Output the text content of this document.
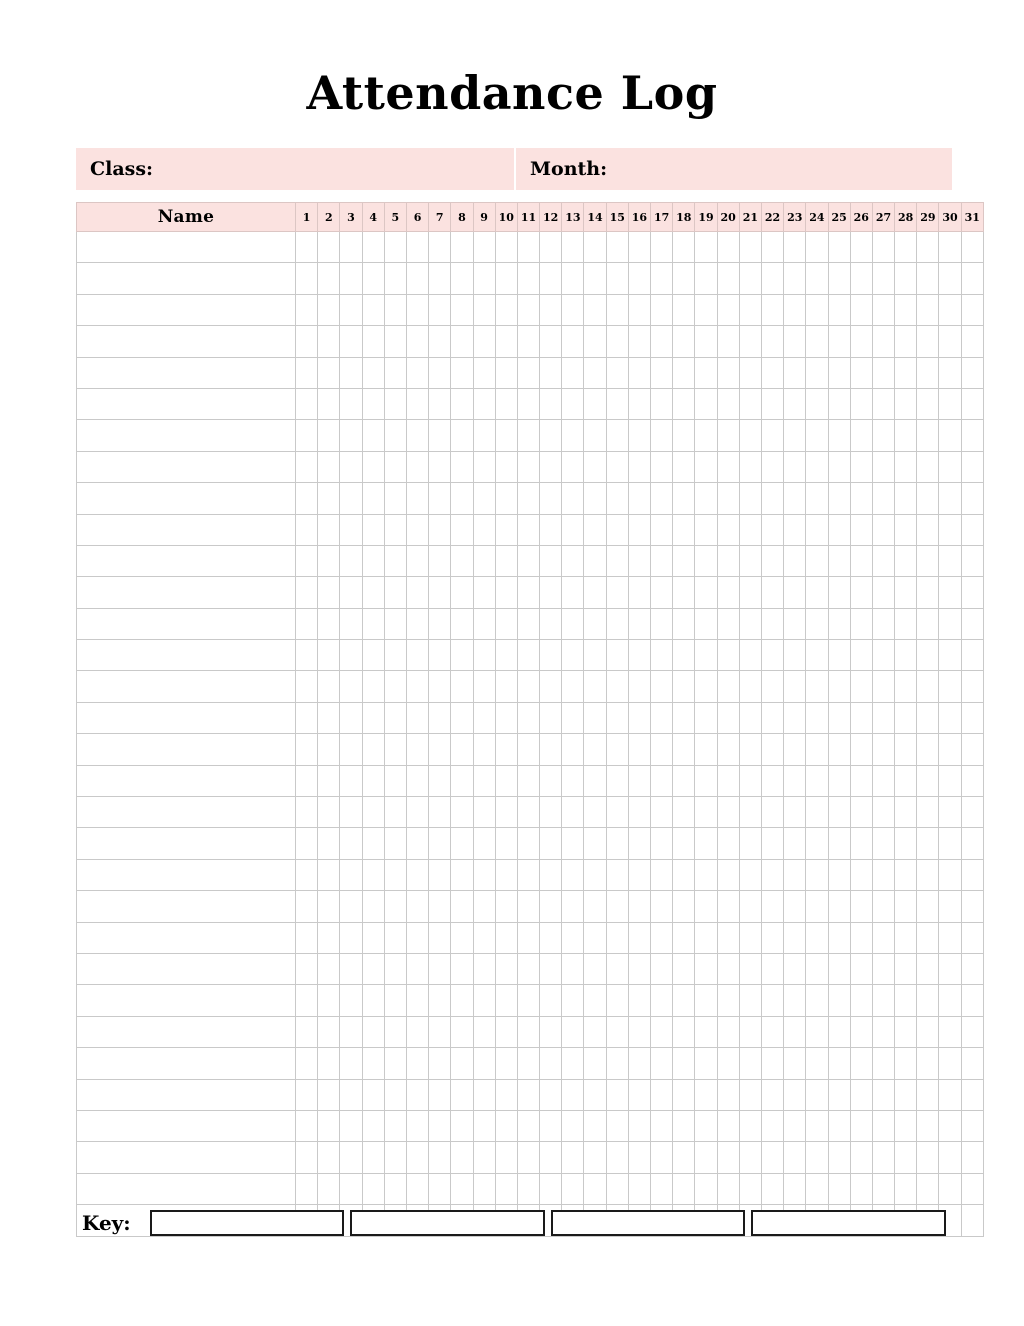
Attendance Log
Class:	Month:
Name	1	2	3	4	5	6	7	8	9	10	11	12	13	14	15	16	17	18	19	20	21	22	23	24	25	26	27	28	29	30	31

Key:
